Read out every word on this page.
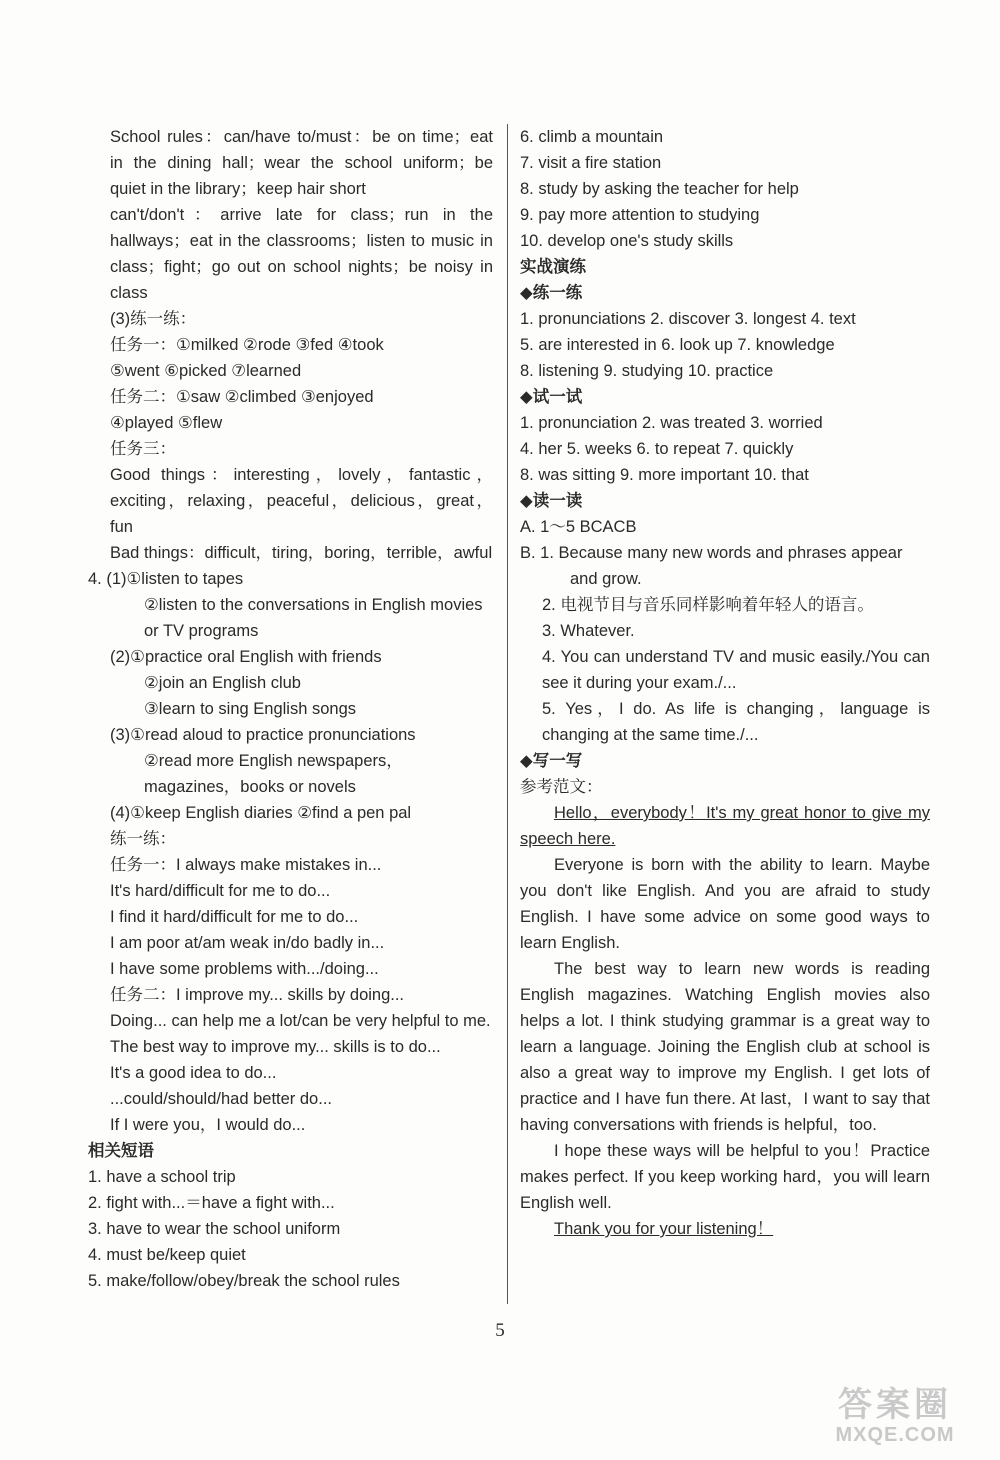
School rules：can/have to/must：be on time；eat in the dining hall；wear the school uniform；be quiet in the library；keep hair short
can't/don't：arrive late for class；run in the hallways；eat in the classrooms；listen to music in class；fight；go out on school nights；be noisy in class
(3)练一练：
任务一：①milked ②rode ③fed ④took
⑤went ⑥picked ⑦learned
任务二：①saw ②climbed ③enjoyed
④played ⑤flew
任务三：
Good things：interesting，lovely，fantastic，exciting，relaxing，peaceful，delicious，great，fun
Bad things：difficult，tiring，boring，terrible，awful
4. (1)①listen to tapes
②listen to the conversations in English movies or TV programs
(2)①practice oral English with friends
②join an English club
③learn to sing English songs
(3)①read aloud to practice pronunciations
②read more English newspapers，magazines，books or novels
(4)①keep English diaries ②find a pen pal
练一练：
任务一：I always make mistakes in...
It's hard/difficult for me to do...
I find it hard/difficult for me to do...
I am poor at/am weak in/do badly in...
I have some problems with.../doing...
任务二：I improve my... skills by doing...
Doing... can help me a lot/can be very helpful to me.
The best way to improve my... skills is to do...
It's a good idea to do...
...could/should/had better do...
If I were you，I would do...
相关短语
1. have a school trip
2. fight with...＝have a fight with...
3. have to wear the school uniform
4. must be/keep quiet
5. make/follow/obey/break the school rules
6. climb a mountain
7. visit a fire station
8. study by asking the teacher for help
9. pay more attention to studying
10. develop one's study skills
实战演练
◆练一练
1. pronunciations 2. discover 3. longest 4. text
5. are interested in 6. look up 7. knowledge
8. listening 9. studying 10. practice
◆试一试
1. pronunciation 2. was treated 3. worried
4. her 5. weeks 6. to repeat 7. quickly
8. was sitting 9. more important 10. that
◆读一读
A. 1～5 BCACB
B. 1. Because many new words and phrases appear
and grow.
2. 电视节目与音乐同样影响着年轻人的语言。
3. Whatever.
4. You can understand TV and music easily./You can see it during your exam./...
5. Yes，I do. As life is changing，language is changing at the same time./...
◆写一写
参考范文：
Hello，everybody！It's my great honor to give my speech here.
Everyone is born with the ability to learn. Maybe you don't like English. And you are afraid to study English. I have some advice on some good ways to learn English.
The best way to learn new words is reading English magazines. Watching English movies also helps a lot. I think studying grammar is a great way to learn a language. Joining the English club at school is also a great way to improve my English. I get lots of practice and I have fun there. At last，I want to say that having conversations with friends is helpful，too.
I hope these ways will be helpful to you！Practice makes perfect. If you keep working hard，you will learn English well.
Thank you for your listening！
5
答案圈
MXQE.COM
